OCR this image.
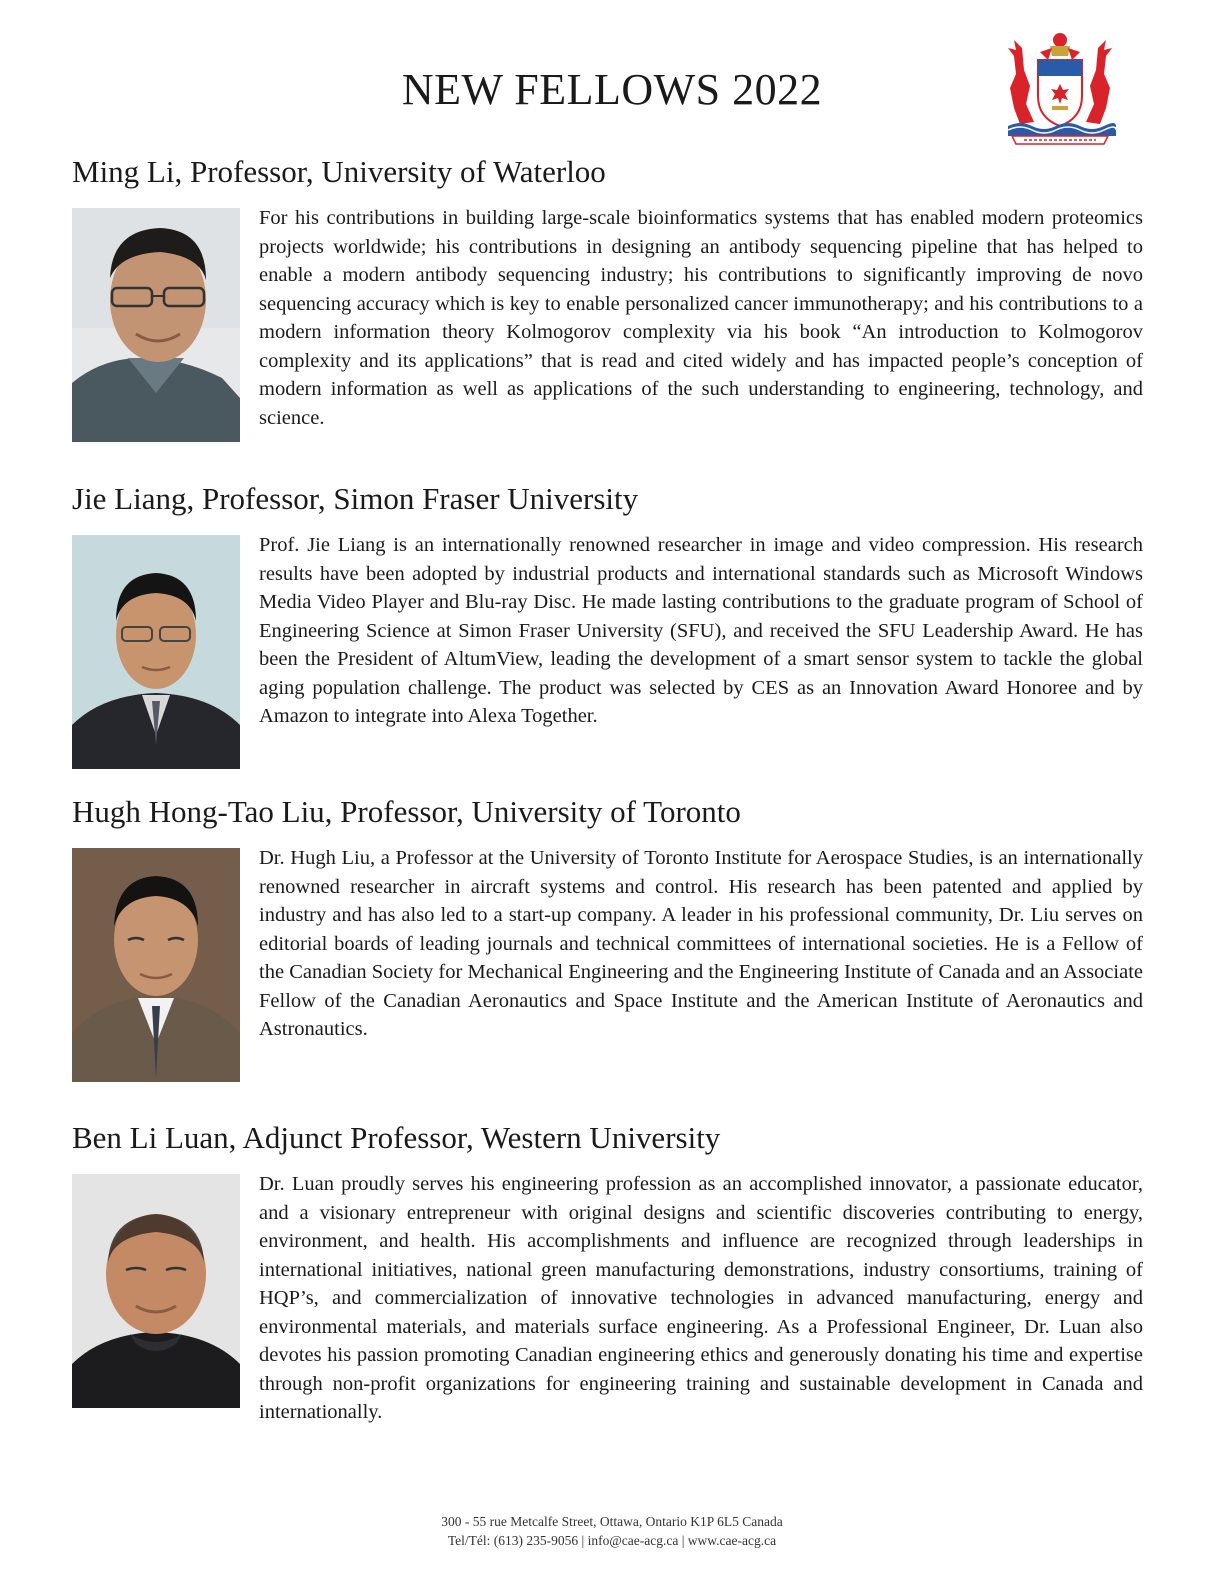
NEW FELLOWS 2022
Ming Li, Professor, University of Waterloo

For his contributions in building large-scale bioinformatics systems that has enabled modern proteomics projects worldwide; his contributions in designing an antibody sequencing pipeline that has helped to enable a modern antibody sequencing industry; his contributions to significantly improving de novo sequencing accuracy which is key to enable personalized cancer immunotherapy; and his contributions to a modern information theory Kolmogorov complexity via his book “An introduction to Kolmogorov complexity and its applications” that is read and cited widely and has impacted people’s conception of modern information as well as applications of the such understanding to engineering, technology, and science.

Jie Liang, Professor, Simon Fraser University

Prof. Jie Liang is an internationally renowned researcher in image and video compression. His research results have been adopted by industrial products and international standards such as Microsoft Windows Media Video Player and Blu-ray Disc. He made lasting contributions to the graduate program of School of Engineering Science at Simon Fraser University (SFU), and received the SFU Leadership Award. He has been the President of AltumView, leading the development of a smart sensor system to tackle the global aging population challenge. The product was selected by CES as an Innovation Award Honoree and by Amazon to integrate into Alexa Together.

Hugh Hong-Tao Liu, Professor, University of Toronto

Dr. Hugh Liu, a Professor at the University of Toronto Institute for Aerospace Studies, is an internationally renowned researcher in aircraft systems and control. His research has been patented and applied by industry and has also led to a start-up company. A leader in his professional community, Dr. Liu serves on editorial boards of leading journals and technical committees of international societies. He is a Fellow of the Canadian Society for Mechanical Engineering and the Engineering Institute of Canada and an Associate Fellow of the Canadian Aeronautics and Space Institute and the American Institute of Aeronautics and Astronautics.

Ben Li Luan, Adjunct Professor, Western University

Dr. Luan proudly serves his engineering profession as an accomplished innovator, a passionate educator, and a visionary entrepreneur with original designs and scientific discoveries contributing to energy, environment, and health. His accomplishments and influence are recognized through leaderships in international initiatives, national green manufacturing demonstrations, industry consortiums, training of HQP’s, and commercialization of innovative technologies in advanced manufacturing, energy and environmental materials, and materials surface engineering. As a Professional Engineer, Dr. Luan also devotes his passion promoting Canadian engineering ethics and generously donating his time and expertise through non-profit organizations for engineering training and sustainable development in Canada and internationally.

300 - 55 rue Metcalfe Street, Ottawa, Ontario K1P 6L5 Canada
Tel/Tél: (613) 235-9056 | info@cae-acg.ca | www.cae-acg.ca
